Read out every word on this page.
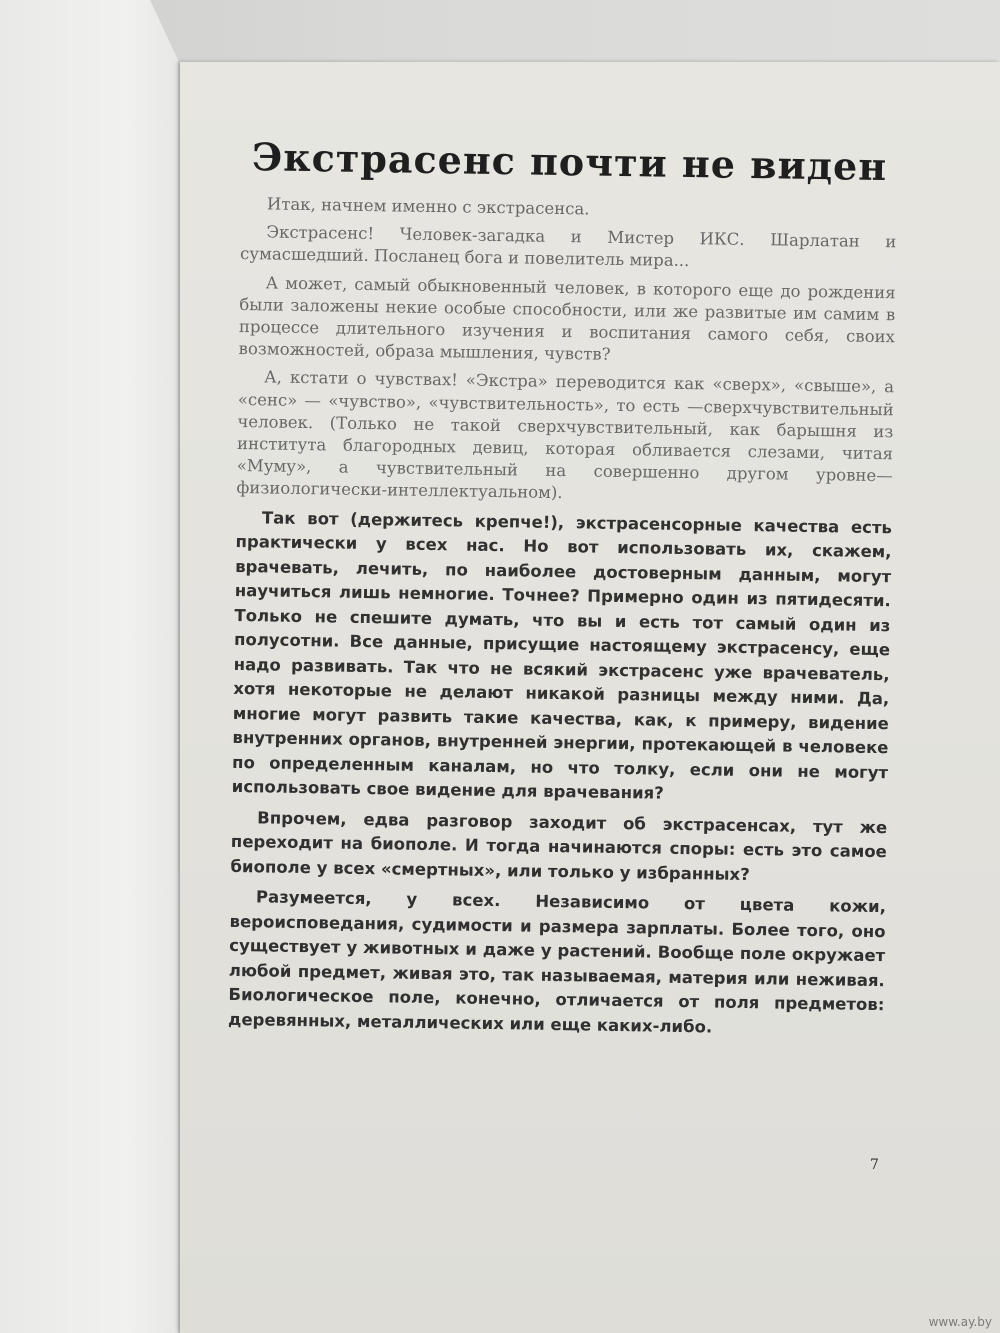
Экстрасенс почти не виден

Итак, начнем именно с экстрасенса.

Экстрасенс! Человек-загадка и Мистер ИКС. Шарлатан и сумасшедший. Посланец бога и повелитель мира...

А может, самый обыкновенный человек, в которого еще до рождения были заложены некие особые способности, или же развитые им самим в процессе длительного изучения и воспитания самого себя, своих возможностей, образа мышления, чувств?

А, кстати о чувствах! «Экстра» переводится как «сверх», «свыше», а «сенс» — «чувство», «чувствительность», то есть —сверхчувствительный человек. (Только не такой сверхчувствительный, как барышня из института благородных девиц, которая обливается слезами, читая «Муму», а чувствительный на совершенно другом уровне—физиологически-интеллектуальном).

Так вот (держитесь крепче!), экстрасенсорные качества есть практически у всех нас. Но вот использовать их, скажем, врачевать, лечить, по наиболее достоверным данным, могут научиться лишь немногие. Точнее? Примерно один из пятидесяти. Только не спешите думать, что вы и есть тот самый один из полусотни. Все данные, присущие настоящему экстрасенсу, еще надо развивать. Так что не всякий экстрасенс уже врачеватель, хотя некоторые не делают никакой разницы между ними. Да, многие могут развить такие качества, как, к примеру, видение внутренних органов, внутренней энергии, протекающей в человеке по определенным каналам, но что толку, если они не могут использовать свое видение для врачевания?

Впрочем, едва разговор заходит об экстрасенсах, тут же переходит на биополе. И тогда начинаются споры: есть это самое биополе у всех «смертных», или только у избранных?

Разумеется, у всех. Независимо от цвета кожи, вероисповедания, судимости и размера зарплаты. Более того, оно существует у животных и даже у растений. Вообще поле окружает любой предмет, живая это, так называемая, материя или неживая. Биологическое поле, конечно, отличается от поля предметов: деревянных, металлических или еще каких-либо.

7
www.ay.by
